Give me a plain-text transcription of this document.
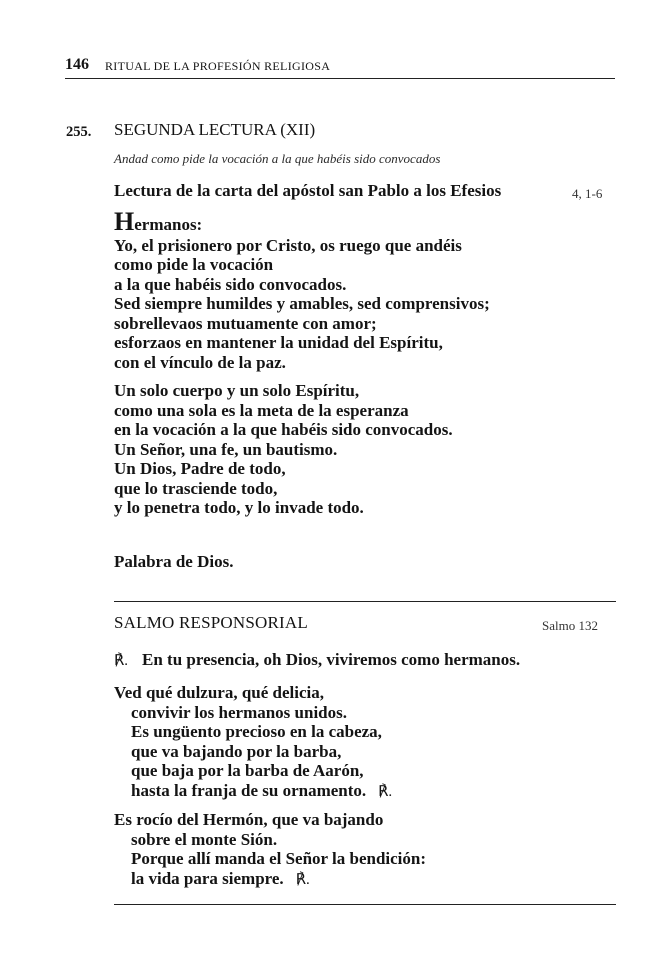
146 RITUAL DE LA PROFESIÓN RELIGIOSA
255. SEGUNDA LECTURA (XII)
Andad como pide la vocación a la que habéis sido convocados
Lectura de la carta del apóstol san Pablo a los Efesios	4, 1-6
Hermanos:
Yo, el prisionero por Cristo, os ruego que andéis
como pide la vocación
a la que habéis sido convocados.
Sed siempre humildes y amables, sed comprensivos;
sobrellevaos mutuamente con amor;
esforzaos en mantener la unidad del Espíritu,
con el vínculo de la paz.
Un solo cuerpo y un solo Espíritu,
como una sola es la meta de la esperanza
en la vocación a la que habéis sido convocados.
Un Señor, una fe, un bautismo.
Un Dios, Padre de todo,
que lo trasciende todo,
y lo penetra todo, y lo invade todo.
Palabra de Dios.
SALMO RESPONSORIAL	Salmo 132
℟. En tu presencia, oh Dios, viviremos como hermanos.
Ved qué dulzura, qué delicia,
convivir los hermanos unidos.
Es ungüento precioso en la cabeza,
que va bajando por la barba,
que baja por la barba de Aarón,
hasta la franja de su ornamento. ℟.
Es rocío del Hermón, que va bajando
sobre el monte Sión.
Porque allí manda el Señor la bendición:
la vida para siempre. ℟.
